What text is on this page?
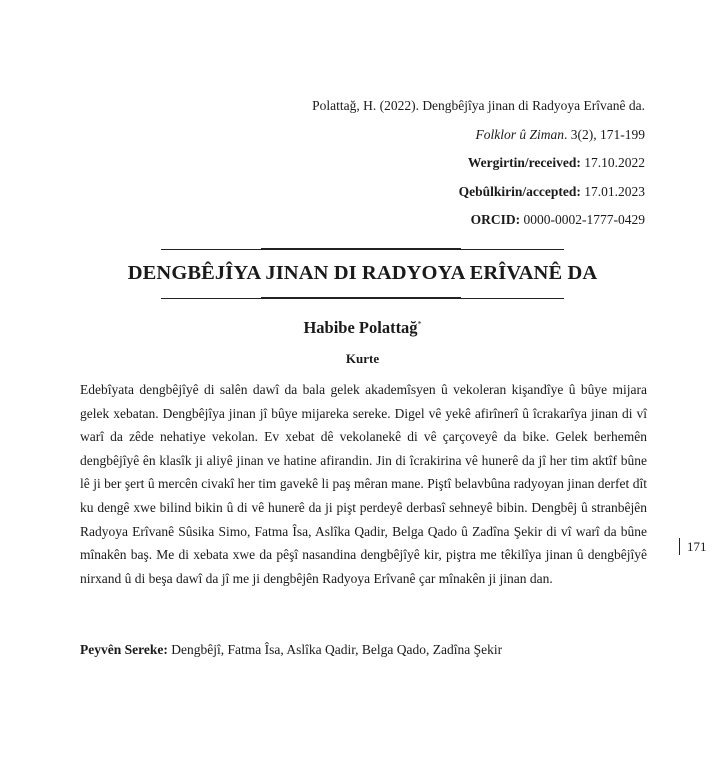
Polattağ, H. (2022). Dengbêjîya jinan di Radyoya Erîvanê da.
Folklor û Ziman. 3(2), 171-199
Wergirtin/received: 17.10.2022
Qebûlkirin/accepted: 17.01.2023
ORCID: 0000-0002-1777-0429
DENGBÊJÎYA JINAN DI RADYOYA ERÎVANÊ DA
Habibe Polattağ*
Kurte
Edebîyata dengbêjîyê di salên dawî da bala gelek akademîsyen û vekoleran kişandîye û bûye mijara gelek xebatan. Dengbêjîya jinan jî bûye mijareka sereke. Digel vê yekê afirînerî û îcrakarîya jinan di vî warî da zêde nehatiye vekolan. Ev xebat dê vekolanekê di vê çarçoveyê da bike. Gelek berhemên dengbêjîyê ên klasîk ji aliyê jinan ve hatine afirandin. Jin di îcrakirina vê hunerê da jî her tim aktîf bûne lê ji ber şert û mercên civakî her tim gavekê li paş mêran mane. Piştî belavbûna radyoyan jinan derfet dît ku dengê xwe bilind bikin û di vê hunerê da ji pişt perdeyê derbasî sehneyê bibin. Dengbêj û stranbêjên Radyoya Erîvanê Sûsika Simo, Fatma Îsa, Aslîka Qadir, Belga Qado û Zadîna Şekir di vî warî da bûne mînakên baş. Me di xebata xwe da pêşî nasandina dengbêjîyê kir, piştra me têkilîya jinan û dengbêjîyê nirxand û di beşa dawî da jî me ji dengbêjên Radyoya Erîvanê çar mînakên ji jinan dan.
Peyvên Sereke: Dengbêjî, Fatma Îsa, Aslîka Qadir, Belga Qado, Zadîna Şekir
171
